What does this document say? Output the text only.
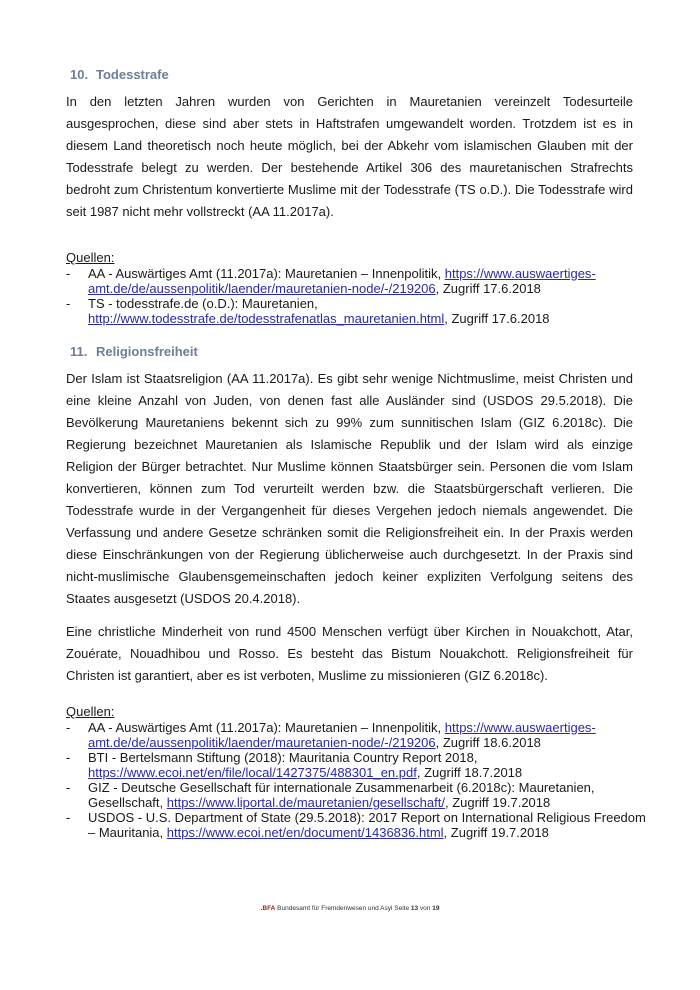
10. Todesstrafe

In den letzten Jahren wurden von Gerichten in Mauretanien vereinzelt Todesurteile ausgesprochen, diese sind aber stets in Haftstrafen umgewandelt worden. Trotzdem ist es in diesem Land theoretisch noch heute möglich, bei der Abkehr vom islamischen Glauben mit der Todesstrafe belegt zu werden. Der bestehende Artikel 306 des mauretanischen Strafrechts bedroht zum Christentum konvertierte Muslime mit der Todesstrafe (TS o.D.). Die Todesstrafe wird seit 1987 nicht mehr vollstreckt (AA 11.2017a).

Quellen:
- AA - Auswärtiges Amt (11.2017a): Mauretanien – Innenpolitik, https://www.auswaertiges-amt.de/de/aussenpolitik/laender/mauretanien-node/-/219206, Zugriff 17.6.2018
- TS - todesstrafe.de (o.D.): Mauretanien,
http://www.todesstrafe.de/todesstrafenatlas_mauretanien.html, Zugriff 17.6.2018
11. Religionsfreiheit

Der Islam ist Staatsreligion (AA 11.2017a). Es gibt sehr wenige Nichtmuslime, meist Christen und eine kleine Anzahl von Juden, von denen fast alle Ausländer sind (USDOS 29.5.2018). Die Bevölkerung Mauretaniens bekennt sich zu 99% zum sunnitischen Islam (GIZ 6.2018c). Die Regierung bezeichnet Mauretanien als Islamische Republik und der Islam wird als einzige Religion der Bürger betrachtet. Nur Muslime können Staatsbürger sein. Personen die vom Islam konvertieren, können zum Tod verurteilt werden bzw. die Staatsbürgerschaft verlieren. Die Todesstrafe wurde in der Vergangenheit für dieses Vergehen jedoch niemals angewendet. Die Verfassung und andere Gesetze schränken somit die Religionsfreiheit ein. In der Praxis werden diese Einschränkungen von der Regierung üblicherweise auch durchgesetzt. In der Praxis sind nicht-muslimische Glaubensgemeinschaften jedoch keiner expliziten Verfolgung seitens des Staates ausgesetzt (USDOS 20.4.2018).

Eine christliche Minderheit von rund 4500 Menschen verfügt über Kirchen in Nouakchott, Atar, Zouérate, Nouadhibou und Rosso. Es besteht das Bistum Nouakchott. Religionsfreiheit für Christen ist garantiert, aber es ist verboten, Muslime zu missionieren (GIZ 6.2018c).

Quellen:
- AA - Auswärtiges Amt (11.2017a): Mauretanien – Innenpolitik, https://www.auswaertiges-amt.de/de/aussenpolitik/laender/mauretanien-node/-/219206, Zugriff 18.6.2018
- BTI - Bertelsmann Stiftung (2018): Mauritania Country Report 2018,
https://www.ecoi.net/en/file/local/1427375/488301_en.pdf, Zugriff 18.7.2018
- GIZ - Deutsche Gesellschaft für internationale Zusammenarbeit (6.2018c): Mauretanien, Gesellschaft, https://www.liportal.de/mauretanien/gesellschaft/, Zugriff 19.7.2018
- USDOS - U.S. Department of State (29.5.2018): 2017 Report on International Religious Freedom – Mauritania, https://www.ecoi.net/en/document/1436836.html, Zugriff 19.7.2018
.BFA Bundesamt für Fremdenwesen und Asyl Seite 13 von 19
